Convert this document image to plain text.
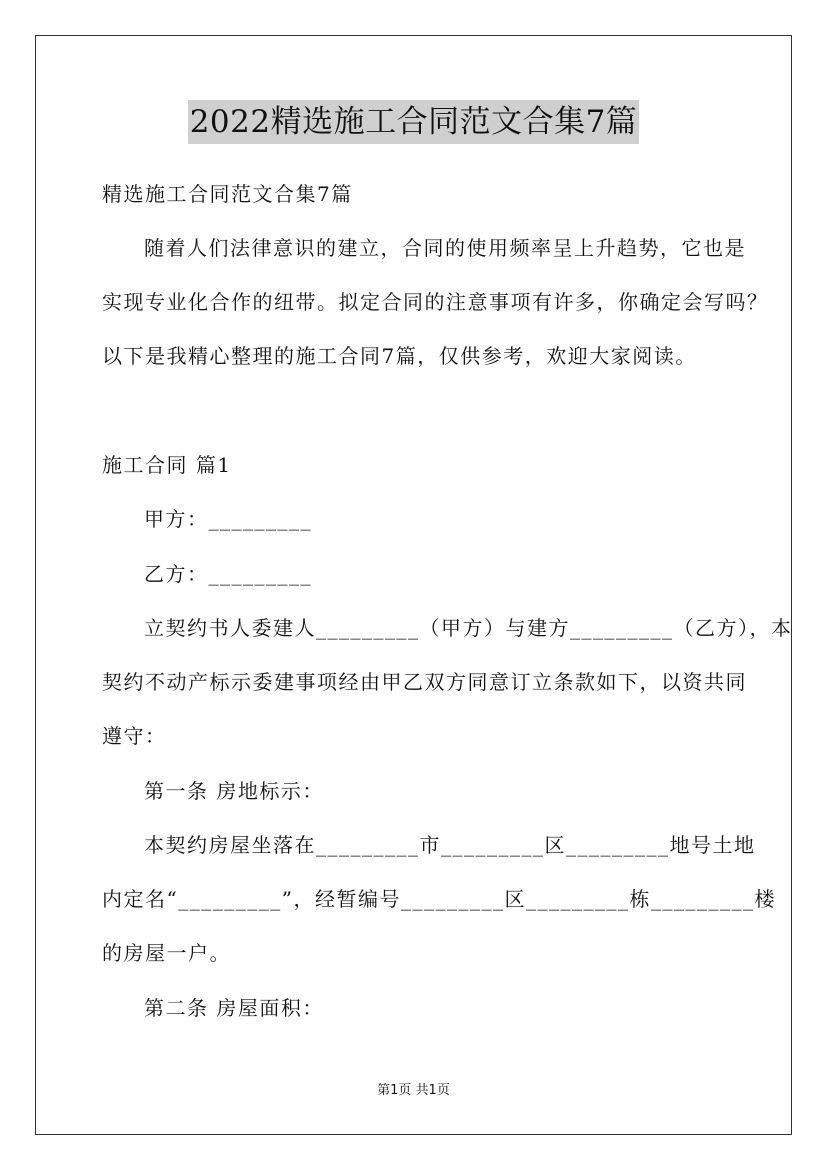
2022精选施工合同范文合集7篇
精选施工合同范文合集7篇
随着人们法律意识的建立，合同的使用频率呈上升趋势，它也是
实现专业化合作的纽带。拟定合同的注意事项有许多，你确定会写吗？
以下是我精心整理的施工合同7篇，仅供参考，欢迎大家阅读。
施工合同 篇1
甲方：_________
乙方：_________
立契约书人委建人_________（甲方）与建方_________（乙方），本
契约不动产标示委建事项经由甲乙双方同意订立条款如下，以资共同
遵守：
第一条 房地标示：
本契约房屋坐落在_________市_________区_________地号土地
内定名“_________”，经暂编号_________区_________栋_________楼
的房屋一户。
第二条 房屋面积：
第1页 共1页
